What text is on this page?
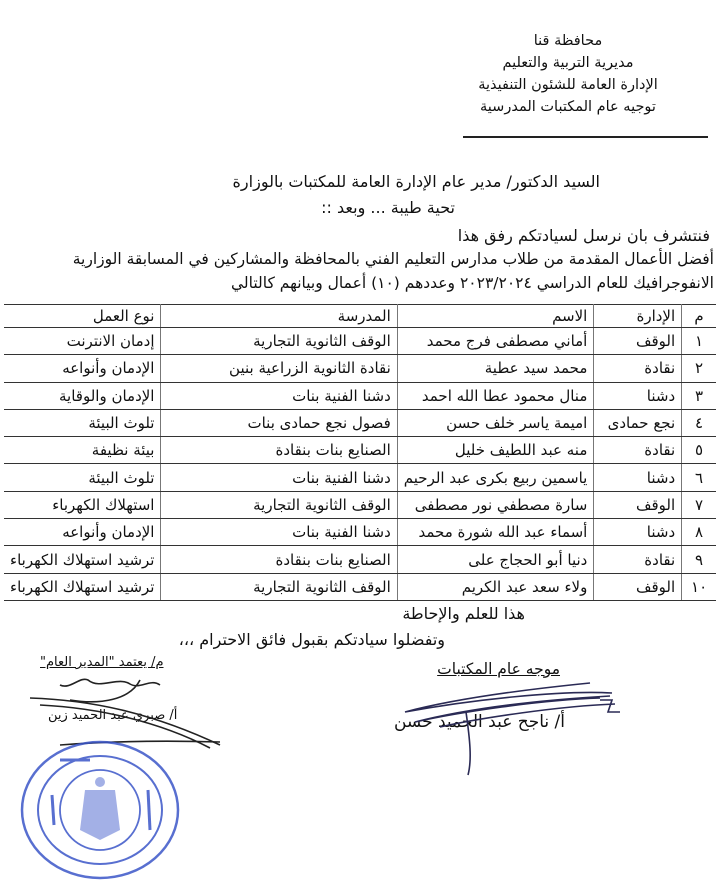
محافظة قنا
مديرية التربية والتعليم
الإدارة العامة للشئون التنفيذية
توجيه عام المكتبات المدرسية
السيد الدكتور/ مدير عام الإدارة العامة للمكتبات بالوزارة
تحية طيبة ... وبعد ::
فنتشرف بان نرسل لسيادتكم رفق هذا
أفضل الأعمال المقدمة من طلاب مدارس التعليم الفني بالمحافظة والمشاركين في المسابقة الوزارية
الانفوجرافيك للعام الدراسي ٢٠٢٣/٢٠٢٤ وعددهم (١٠) أعمال وبيانهم كالتالي
م	الإدارة	الاسم	المدرسة	نوع العمل
١	الوقف	أماني مصطفى فرج محمد	الوقف الثانوية التجارية	إدمان الانترنت
٢	نقادة	محمد سيد عطية	نقادة الثانوية الزراعية بنين	الإدمان وأنواعه
٣	دشنا	منال محمود عطا الله احمد	دشنا الفنية بنات	الإدمان والوقاية
٤	نجع حمادى	اميمة ياسر خلف حسن	فصول نجع حمادى بنات	تلوث البيئة
٥	نقادة	منه عبد اللطيف خليل	الصنايع بنات بنقادة	بيئة نظيفة
٦	دشنا	ياسمين ربيع بكرى عبد الرحيم	دشنا الفنية بنات	تلوث البيئة
٧	الوقف	سارة مصطفي نور مصطفى	الوقف الثانوية التجارية	استهلاك الكهرباء
٨	دشنا	أسماء عبد الله شورة محمد	دشنا الفنية بنات	الإدمان وأنواعه
٩	نقادة	دنيا أبو الحجاج على	الصنايع بنات بنقادة	ترشيد استهلاك الكهرباء
١٠	الوقف	ولاء سعد عبد الكريم	الوقف الثانوية التجارية	ترشيد استهلاك الكهرباء
هذا للعلم والإحاطة
وتفضلوا سيادتكم بقبول فائق الاحترام ،،،
موجه عام المكتبات
أ/ ناجح عبد الحميد حسن
م/ يعتمد "المدير العام"
أ/ صبري عبد الحميد زين
